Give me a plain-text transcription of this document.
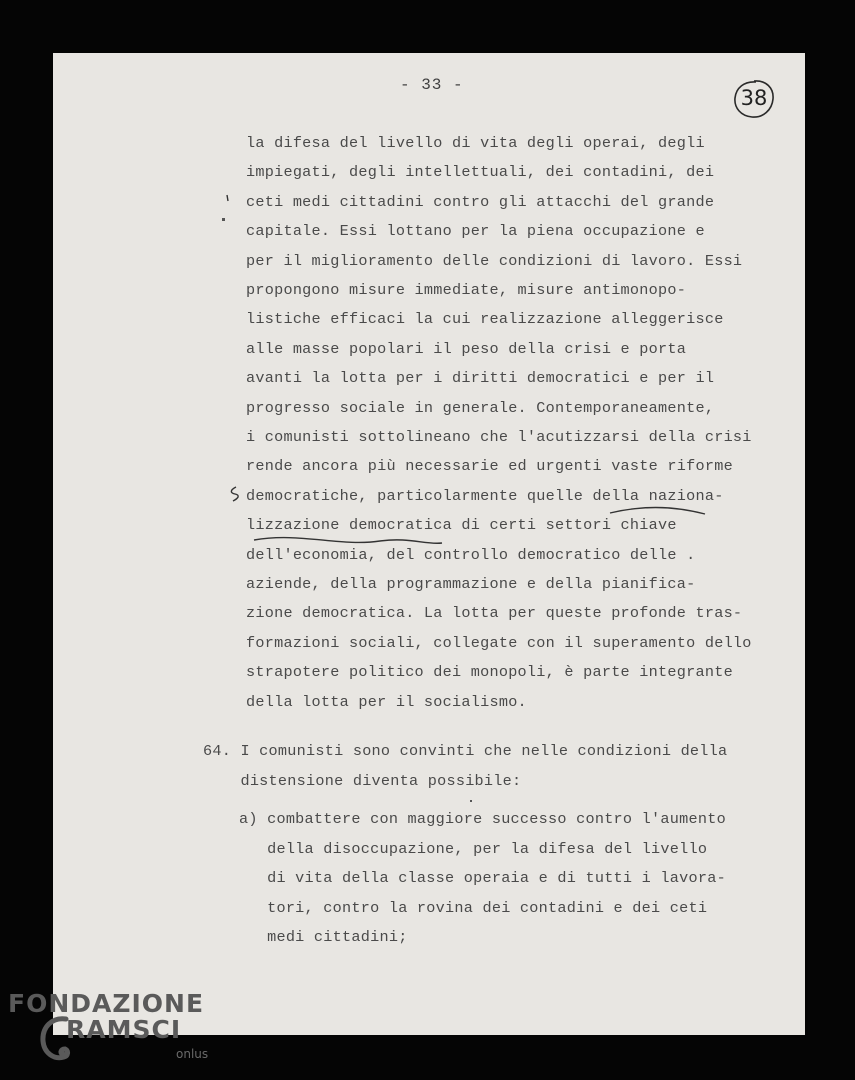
- 33 -
38
la difesa del livello di vita degli operai, degli
impiegati, degli intellettuali, dei contadini, dei
ceti medi cittadini contro gli attacchi del grande
capitale. Essi lottano per la piena occupazione e
per il miglioramento delle condizioni di lavoro. Essi
propongono misure immediate, misure antimonopo-
listiche efficaci la cui realizzazione alleggerisce
alle masse popolari il peso della crisi e porta
avanti la lotta per i diritti democratici e per il
progresso sociale in generale. Contemporaneamente,
i comunisti sottolineano che l'acutizzarsi della crisi
rende ancora più necessarie ed urgenti vaste riforme
democratiche, particolarmente quelle della naziona-
lizzazione democratica di certi settori chiave
dell'economia, del controllo democratico delle .
aziende, della programmazione e della pianifica-
zione democratica. La lotta per queste profonde tras-
formazioni sociali, collegate con il superamento dello
strapotere politico dei monopoli, è parte integrante
della lotta per il socialismo.
64. I comunisti sono convinti che nelle condizioni della
distensione diventa possibile:
a) combattere con maggiore successo contro l'aumento
della disoccupazione, per la difesa del livello
di vita della classe operaia e di tutti i lavora-
tori, contro la rovina dei contadini e dei ceti
medi cittadini;
FONDAZIONE
RAMSCI
onlus
